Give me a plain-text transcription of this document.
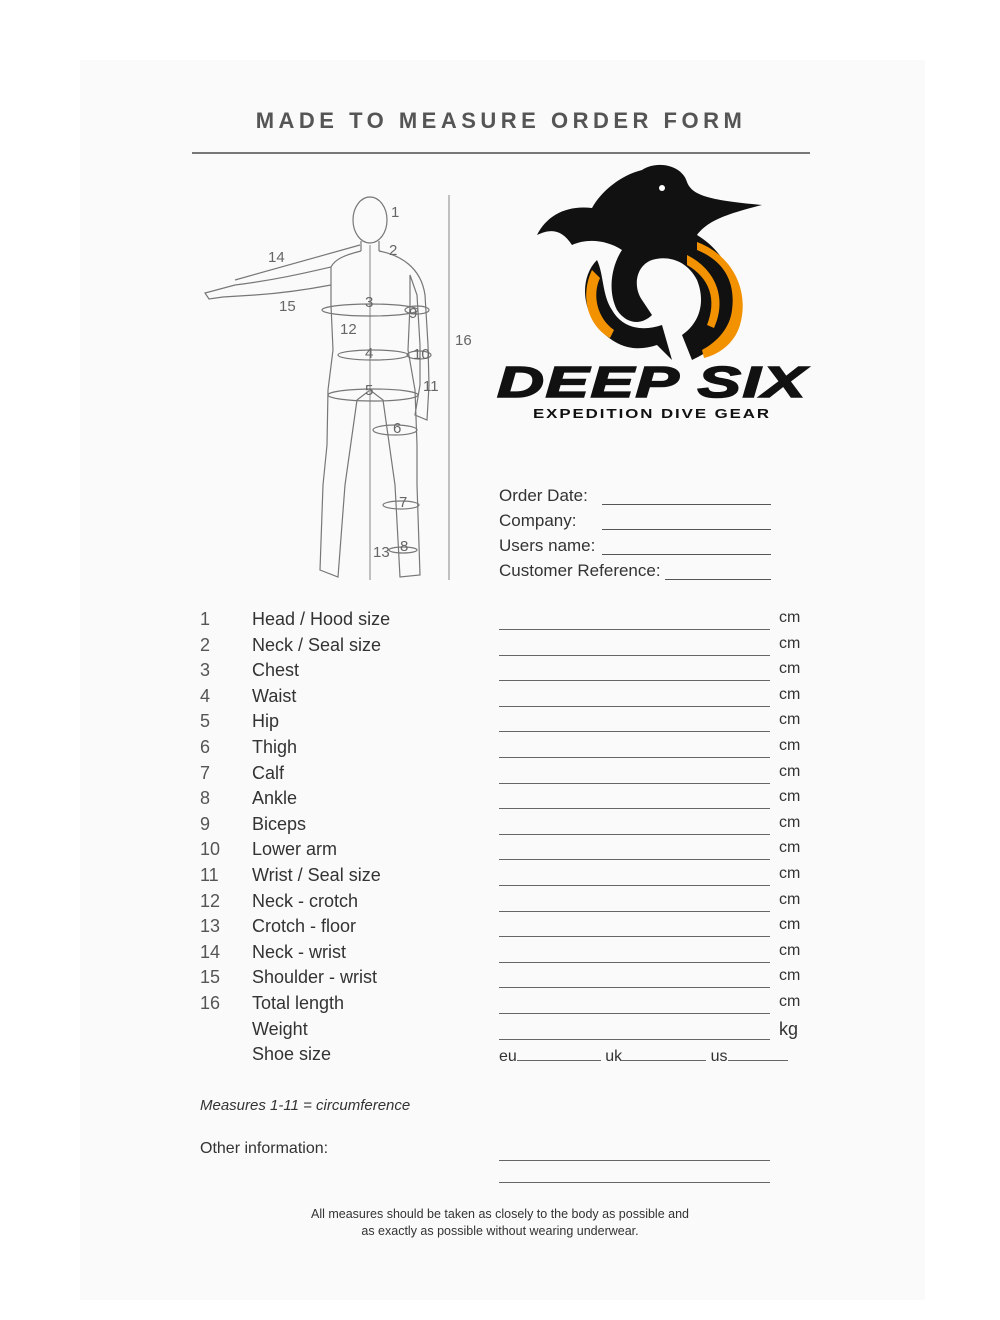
MADE TO MEASURE ORDER FORM
1
2
3
4
5
6
7
8
9
10
11
12
13
14
15
16
DEEP SIX
EXPEDITION DIVE GEAR
Order Date:
Company:
Users name:
Customer Reference:
1 Head / Hood size	cm
2 Neck / Seal size	cm
3 Chest	cm
4 Waist	cm
5 Hip	cm
6 Thigh	cm
7 Calf	cm
8 Ankle	cm
9 Biceps	cm
10 Lower arm	cm
11 Wrist / Seal size	cm
12 Neck - crotch	cm
13 Crotch - floor	cm
14 Neck - wrist	cm
15 Shoulder - wrist	cm
16 Total length	cm
Weight	kg
Shoe size	eu	uk	us
Measures 1-11 = circumference
Other information:
All measures should be taken as closely to the body as possible and
as exactly as possible without wearing underwear.
